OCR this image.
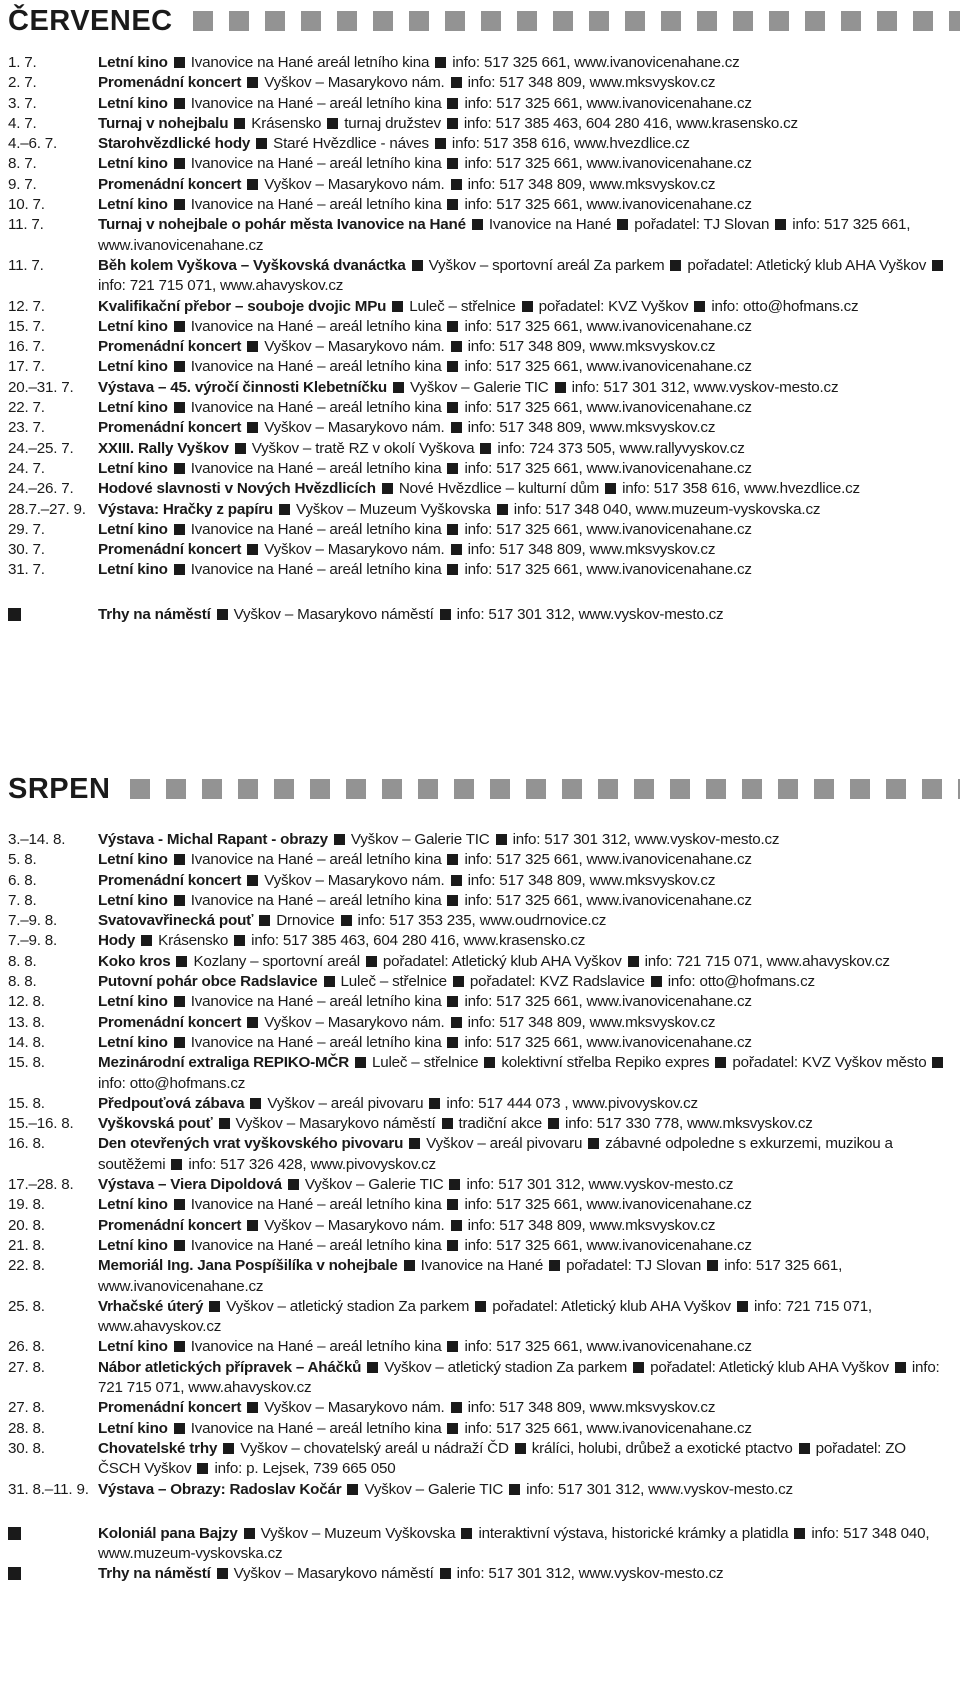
ČERVENEC
1. 7.	Letní kino Ivanovice na Hané areál letního kina info: 517 325 661, www.ivanovicenahane.cz
2. 7.	Promenádní koncert Vyškov – Masarykovo nám. info: 517 348 809, www.mksvyskov.cz
3. 7.	Letní kino Ivanovice na Hané – areál letního kina info: 517 325 661, www.ivanovicenahane.cz
4. 7.	Turnaj v nohejbalu Krásensko turnaj družstev info: 517 385 463, 604 280 416, www.krasensko.cz
4.–6. 7.	Starohvězdlické hody Staré Hvězdlice - náves info: 517 358 616, www.hvezdlice.cz
8. 7.	Letní kino Ivanovice na Hané – areál letního kina info: 517 325 661, www.ivanovicenahane.cz
9. 7.	Promenádní koncert Vyškov – Masarykovo nám. info: 517 348 809, www.mksvyskov.cz
10. 7.	Letní kino Ivanovice na Hané – areál letního kina info: 517 325 661, www.ivanovicenahane.cz
11. 7.	Turnaj v nohejbale o pohár města Ivanovice na Hané Ivanovice na Hané pořadatel: TJ Slovan info: 517 325 661, www.ivanovicenahane.cz
11. 7.	Běh kolem Vyškova – Vyškovská dvanáctka Vyškov – sportovní areál Za parkem pořadatel: Atletický klub AHA Vyškovinfo: 721 715 071, www.ahavyskov.cz
12. 7.	Kvalifikační přebor – souboje dvojic MPu Luleč – střelnice pořadatel: KVZ Vyškov info: otto@hofmans.cz
15. 7.	Letní kino Ivanovice na Hané – areál letního kina info: 517 325 661, www.ivanovicenahane.cz
16. 7.	Promenádní koncert Vyškov – Masarykovo nám. info: 517 348 809, www.mksvyskov.cz
17. 7.	Letní kino Ivanovice na Hané – areál letního kina info: 517 325 661, www.ivanovicenahane.cz
20.–31. 7.	Výstava – 45. výročí činnosti Klebetníčku Vyškov – Galerie TIC info: 517 301 312, www.vyskov-mesto.cz
22. 7.	Letní kino Ivanovice na Hané – areál letního kina info: 517 325 661, www.ivanovicenahane.cz
23. 7.	Promenádní koncert Vyškov – Masarykovo nám. info: 517 348 809, www.mksvyskov.cz
24.–25. 7.	XXIII. Rally Vyškov Vyškov – tratě RZ v okolí Vyškova info: 724 373 505, www.rallyvyskov.cz
24. 7.	Letní kino Ivanovice na Hané – areál letního kina info: 517 325 661, www.ivanovicenahane.cz
24.–26. 7.	Hodové slavnosti v Nových Hvězdlicích Nové Hvězdlice – kulturní dům info: 517 358 616, www.hvezdlice.cz
28.7.–27. 9. Výstava: Hračky z papíru Vyškov – Muzeum Vyškovska info: 517 348 040, www.muzeum-vyskovska.cz
29. 7.	Letní kino Ivanovice na Hané – areál letního kina info: 517 325 661, www.ivanovicenahane.cz
30. 7.	Promenádní koncert Vyškov – Masarykovo nám. info: 517 348 809, www.mksvyskov.cz
31. 7.	Letní kino Ivanovice na Hané – areál letního kina info: 517 325 661, www.ivanovicenahane.cz
Trhy na náměstí Vyškov – Masarykovo náměstí info: 517 301 312, www.vyskov-mesto.cz
SRPEN
3.–14. 8.	Výstava - Michal Rapant - obrazy Vyškov – Galerie TIC info: 517 301 312, www.vyskov-mesto.cz
5. 8.	Letní kino Ivanovice na Hané – areál letního kina info: 517 325 661, www.ivanovicenahane.cz
6. 8.	Promenádní koncert Vyškov – Masarykovo nám. info: 517 348 809, www.mksvyskov.cz
7. 8.	Letní kino Ivanovice na Hané – areál letního kina info: 517 325 661, www.ivanovicenahane.cz
7.–9. 8.	Svatovavřinecká pouť Drnovice info: 517 353 235, www.oudrnovice.cz
7.–9. 8.	Hody Krásensko info: 517 385 463, 604 280 416, www.krasensko.cz
8. 8.	Koko kros Kozlany – sportovní areál pořadatel: Atletický klub AHA Vyškov info: 721 715 071, www.ahavyskov.cz
8. 8.	Putovní pohár obce Radslavice Luleč – střelnice pořadatel: KVZ Radslavice info: otto@hofmans.cz
12. 8.	Letní kino Ivanovice na Hané – areál letního kina info: 517 325 661, www.ivanovicenahane.cz
13. 8.	Promenádní koncert Vyškov – Masarykovo nám. info: 517 348 809, www.mksvyskov.cz
14. 8.	Letní kino Ivanovice na Hané – areál letního kina info: 517 325 661, www.ivanovicenahane.cz
15. 8.	Mezinárodní extraliga REPIKO-MČR Luleč – střelnice kolektivní střelba Repiko expres pořadatel: KVZ Vyškov městoinfo: otto@hofmans.cz
15. 8.	Předpouťová zábava Vyškov – areál pivovaru info: 517 444 073 , www.pivovyskov.cz
15.–16. 8.	Vyškovská pouť Vyškov – Masarykovo náměstí tradiční akce info: 517 330 778, www.mksvyskov.cz
16. 8.	Den otevřených vrat vyškovského pivovaru Vyškov – areál pivovaru zábavné odpoledne s exkurzemi, muzikou a soutěžemi info: 517 326 428, www.pivovyskov.cz
17.–28. 8.	Výstava – Viera Dipoldová Vyškov – Galerie TIC info: 517 301 312, www.vyskov-mesto.cz
19. 8.	Letní kino Ivanovice na Hané – areál letního kina info: 517 325 661, www.ivanovicenahane.cz
20. 8.	Promenádní koncert Vyškov – Masarykovo nám. info: 517 348 809, www.mksvyskov.cz
21. 8.	Letní kino Ivanovice na Hané – areál letního kina info: 517 325 661, www.ivanovicenahane.cz
22. 8.	Memoriál Ing. Jana Pospíšilíka v nohejbale Ivanovice na Hané pořadatel: TJ Slovan info: 517 325 661, www.ivanovicenahane.cz
25. 8.	Vrhačské úterý Vyškov – atletický stadion Za parkem pořadatel: Atletický klub AHA Vyškov info: 721 715 071, www.ahavyskov.cz
26. 8.	Letní kino Ivanovice na Hané – areál letního kina info: 517 325 661, www.ivanovicenahane.cz
27. 8.	Nábor atletických přípravek – Aháčků Vyškov – atletický stadion Za parkem pořadatel: Atletický klub AHA Vyškov info: 721 715 071, www.ahavyskov.cz
27. 8.	Promenádní koncert Vyškov – Masarykovo nám. info: 517 348 809, www.mksvyskov.cz
28. 8.	Letní kino Ivanovice na Hané – areál letního kina info: 517 325 661, www.ivanovicenahane.cz
30. 8.	Chovatelské trhy Vyškov – chovatelský areál u nádraží ČD králíci, holubi, drůbež a exotické ptactvo pořadatel: ZO ČSCH Vyškov info: p. Lejsek, 739 665 050
31. 8.–11. 9. Výstava – Obrazy: Radoslav Kočár Vyškov – Galerie TIC info: 517 301 312, www.vyskov-mesto.cz
Koloniál pana Bajzy Vyškov – Muzeum Vyškovska interaktivní výstava, historické krámky a platidla info: 517 348 040, www.muzeum-vyskovska.cz
Trhy na náměstí Vyškov – Masarykovo náměstí info: 517 301 312, www.vyskov-mesto.cz
